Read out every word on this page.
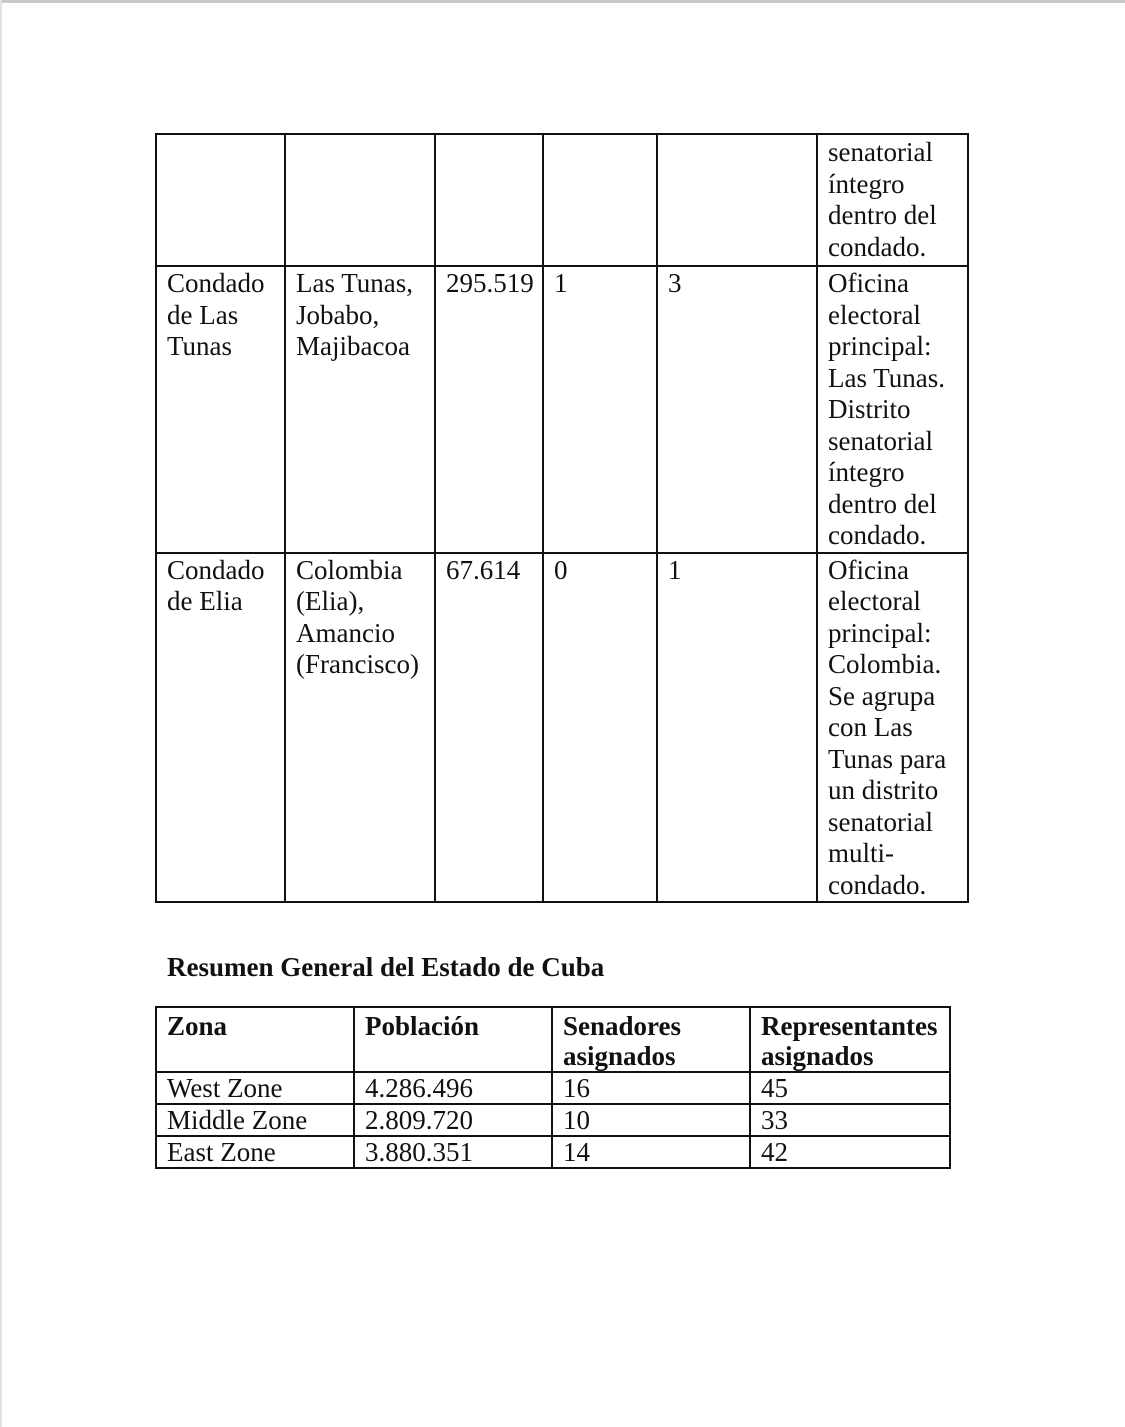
					senatorial íntegro dentro del condado.
Condado de Las Tunas	Las Tunas, Jobabo, Majibacoa	295.519	1	3	Oficina electoral principal: Las Tunas. Distrito senatorial íntegro dentro del condado.
Condado de Elia	Colombia (Elia), Amancio (Francisco)	67.614	0	1	Oficina electoral principal: Colombia. Se agrupa con Las Tunas para un distrito senatorial multi-condado.
Resumen General del Estado de Cuba
Zona	Población	Senadores asignados	Representantes asignados
West Zone	4.286.496	16	45
Middle Zone	2.809.720	10	33
East Zone	3.880.351	14	42
